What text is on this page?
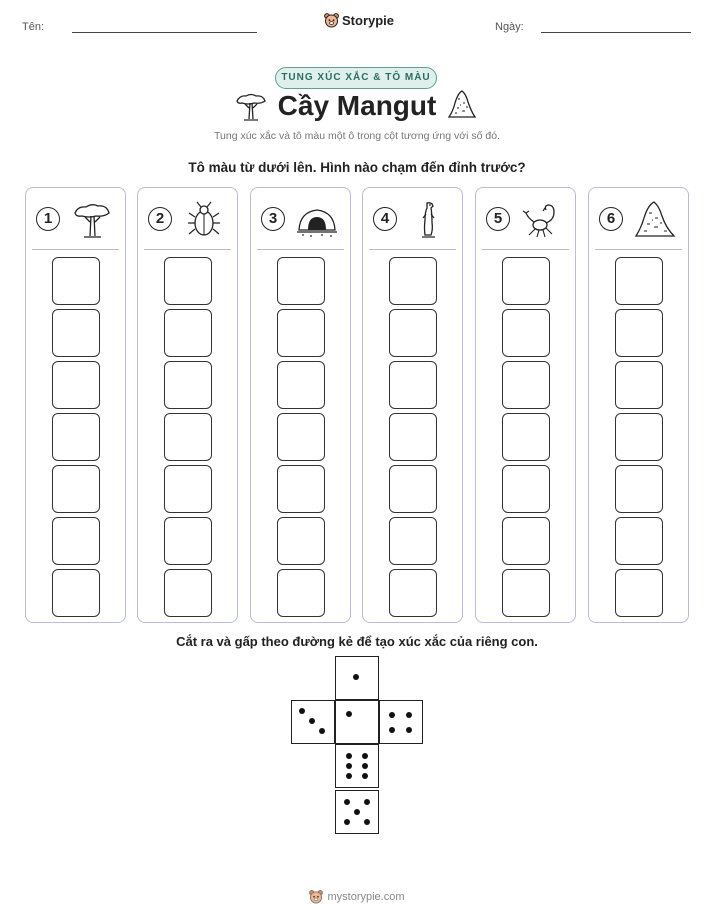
Tên:	Storypie	Ngày:
TUNG XÚC XẮC & TÔ MÀU
Cầy Mangut
Tung xúc xắc và tô màu một ô trong cột tương ứng với số đó.
Tô màu từ dưới lên. Hình nào chạm đến đỉnh trước?
1	2	3	4	5	6
Cắt ra và gấp theo đường kẻ để tạo xúc xắc của riêng con.
mystorypie.com
